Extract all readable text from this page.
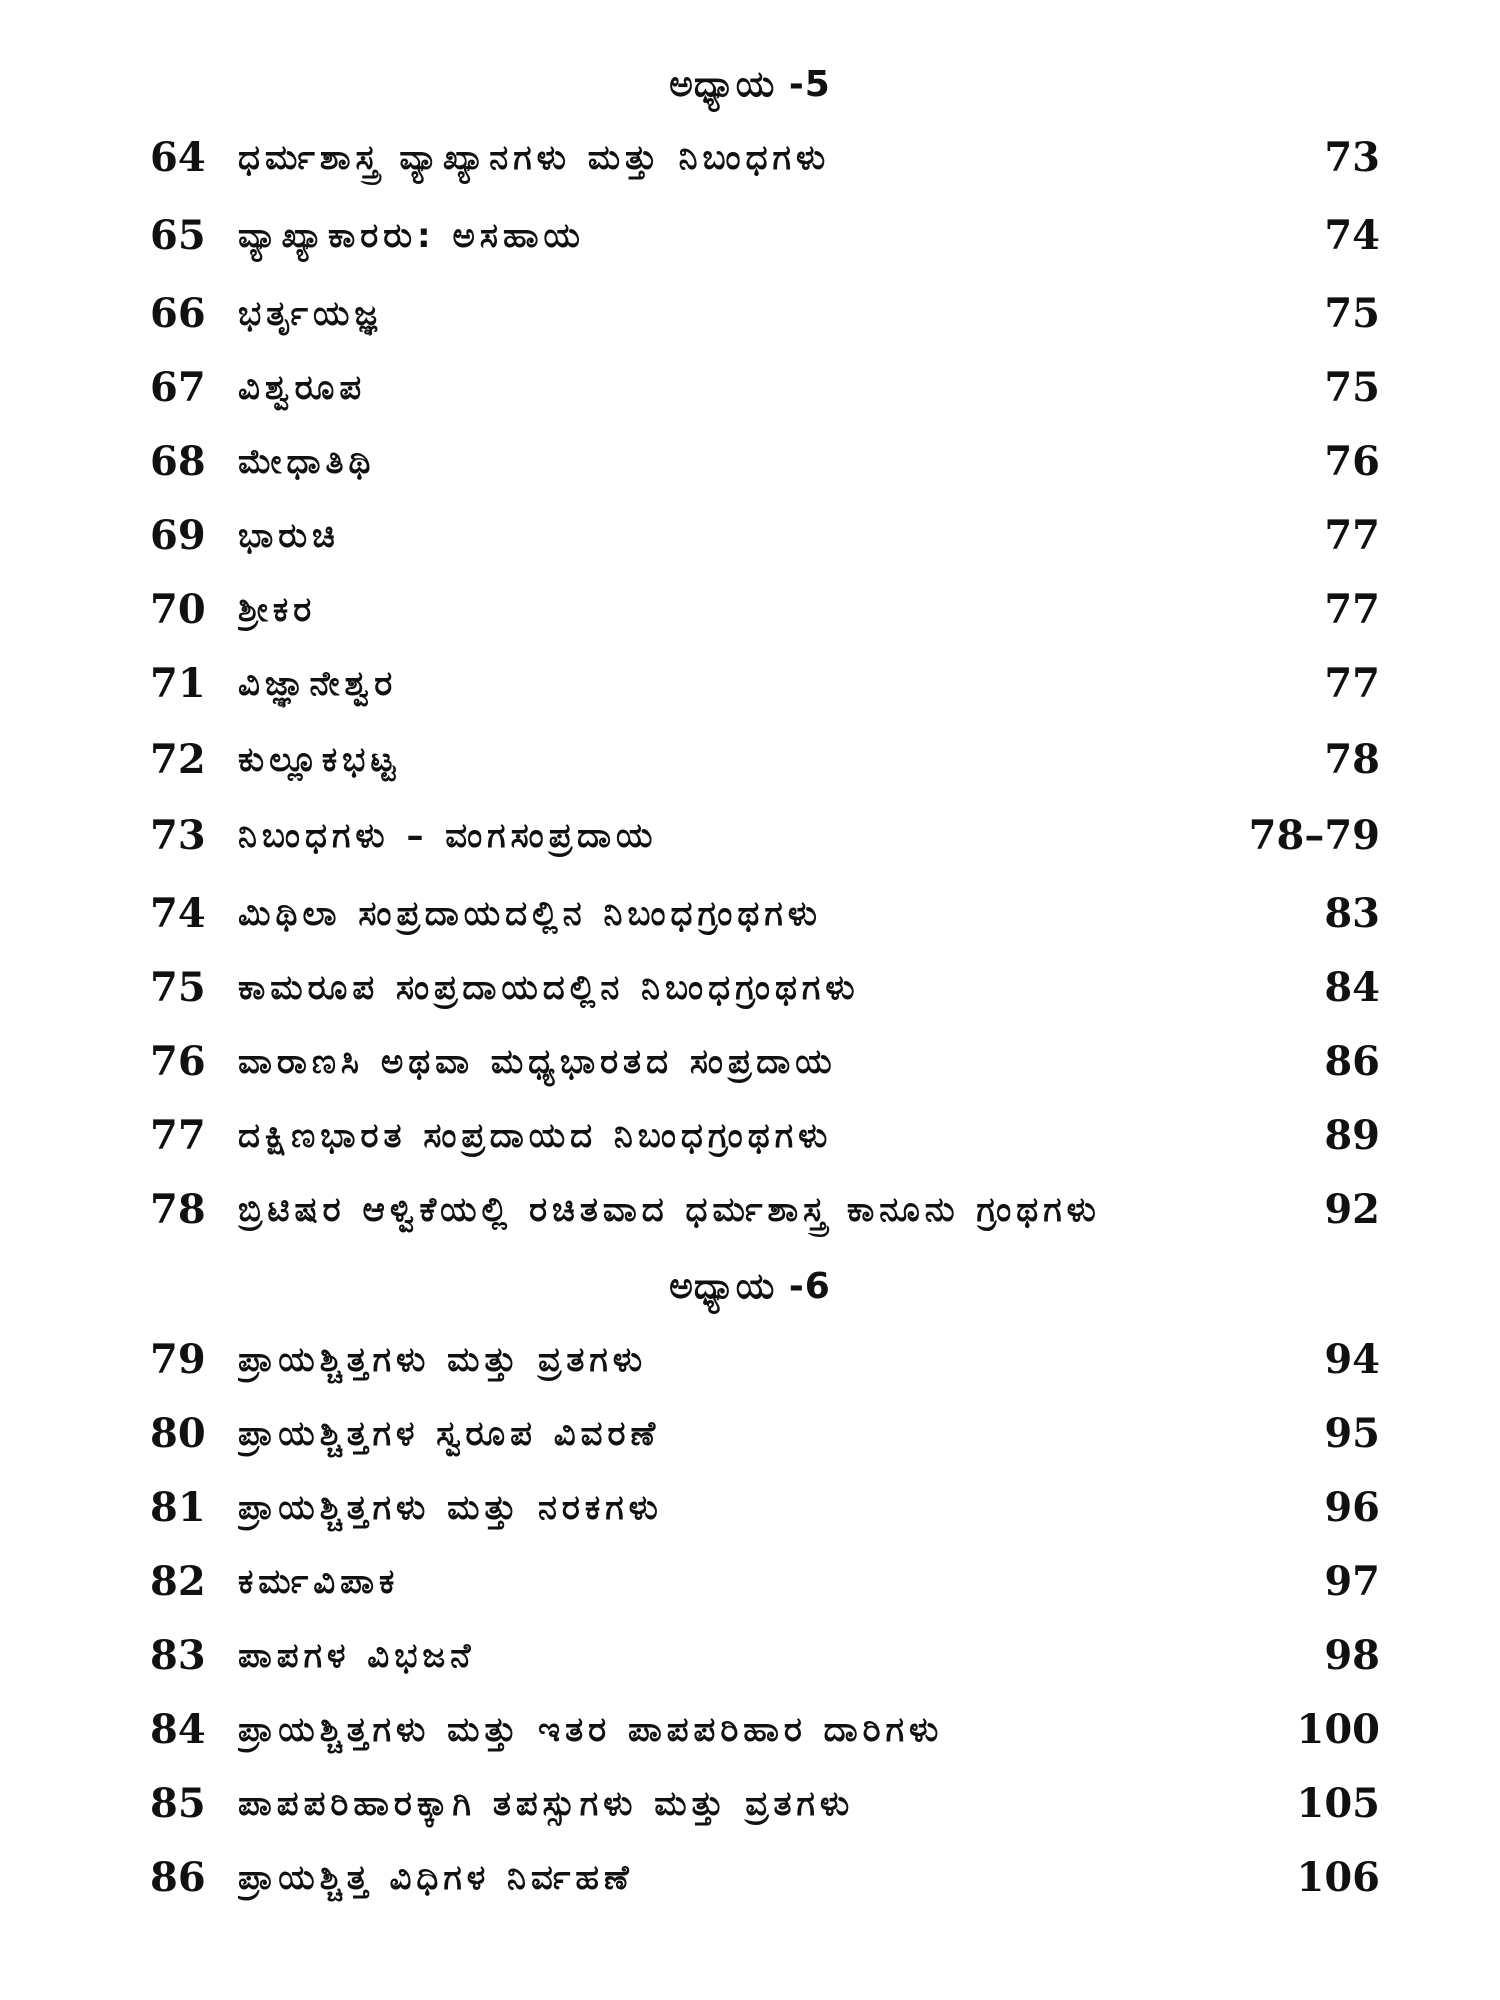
ಅಧ್ಯಾಯ -5
64 ಧರ್ಮಶಾಸ್ತ್ರ ವ್ಯಾಖ್ಯಾನಗಳು ಮತ್ತು ನಿಬಂಧಗಳು	73
65 ವ್ಯಾಖ್ಯಾಕಾರರು: ಅಸಹಾಯ	74
66 ಭರ್ತೃಯಜ್ಞ	75
67 ವಿಶ್ವರೂಪ	75
68 ಮೇಧಾತಿಥಿ	76
69 ಭಾರುಚಿ	77
70 ಶ್ರೀಕರ	77
71 ವಿಜ್ಞಾನೇಶ್ವರ	77
72 ಕುಲ್ಲೂಕಭಟ್ಟ	78
73 ನಿಬಂಧಗಳು – ವಂಗಸಂಪ್ರದಾಯ	78–79
74 ಮಿಥಿಲಾ ಸಂಪ್ರದಾಯದಲ್ಲಿನ ನಿಬಂಧಗ್ರಂಥಗಳು	83
75 ಕಾಮರೂಪ ಸಂಪ್ರದಾಯದಲ್ಲಿನ ನಿಬಂಧಗ್ರಂಥಗಳು	84
76 ವಾರಾಣಸಿ ಅಥವಾ ಮಧ್ಯಭಾರತದ ಸಂಪ್ರದಾಯ	86
77 ದಕ್ಷಿಣಭಾರತ ಸಂಪ್ರದಾಯದ ನಿಬಂಧಗ್ರಂಥಗಳು	89
78 ಬ್ರಿಟಿಷರ ಆಳ್ವಿಕೆಯಲ್ಲಿ ರಚಿತವಾದ ಧರ್ಮಶಾಸ್ತ್ರ ಕಾನೂನು ಗ್ರಂಥಗಳು	92
ಅಧ್ಯಾಯ -6
79 ಪ್ರಾಯಶ್ಚಿತ್ತಗಳು ಮತ್ತು ವ್ರತಗಳು	94
80 ಪ್ರಾಯಶ್ಚಿತ್ತಗಳ ಸ್ವರೂಪ ವಿವರಣೆ	95
81 ಪ್ರಾಯಶ್ಚಿತ್ತಗಳು ಮತ್ತು ನರಕಗಳು	96
82 ಕರ್ಮವಿಪಾಕ	97
83 ಪಾಪಗಳ ವಿಭಜನೆ	98
84 ಪ್ರಾಯಶ್ಚಿತ್ತಗಳು ಮತ್ತು ಇತರ ಪಾಪಪರಿಹಾರ ದಾರಿಗಳು	100
85 ಪಾಪಪರಿಹಾರಕ್ಕಾಗಿ ತಪಸ್ಸುಗಳು ಮತ್ತು ವ್ರತಗಳು	105
86 ಪ್ರಾಯಶ್ಚಿತ್ತ ವಿಧಿಗಳ ನಿರ್ವಹಣೆ	106
